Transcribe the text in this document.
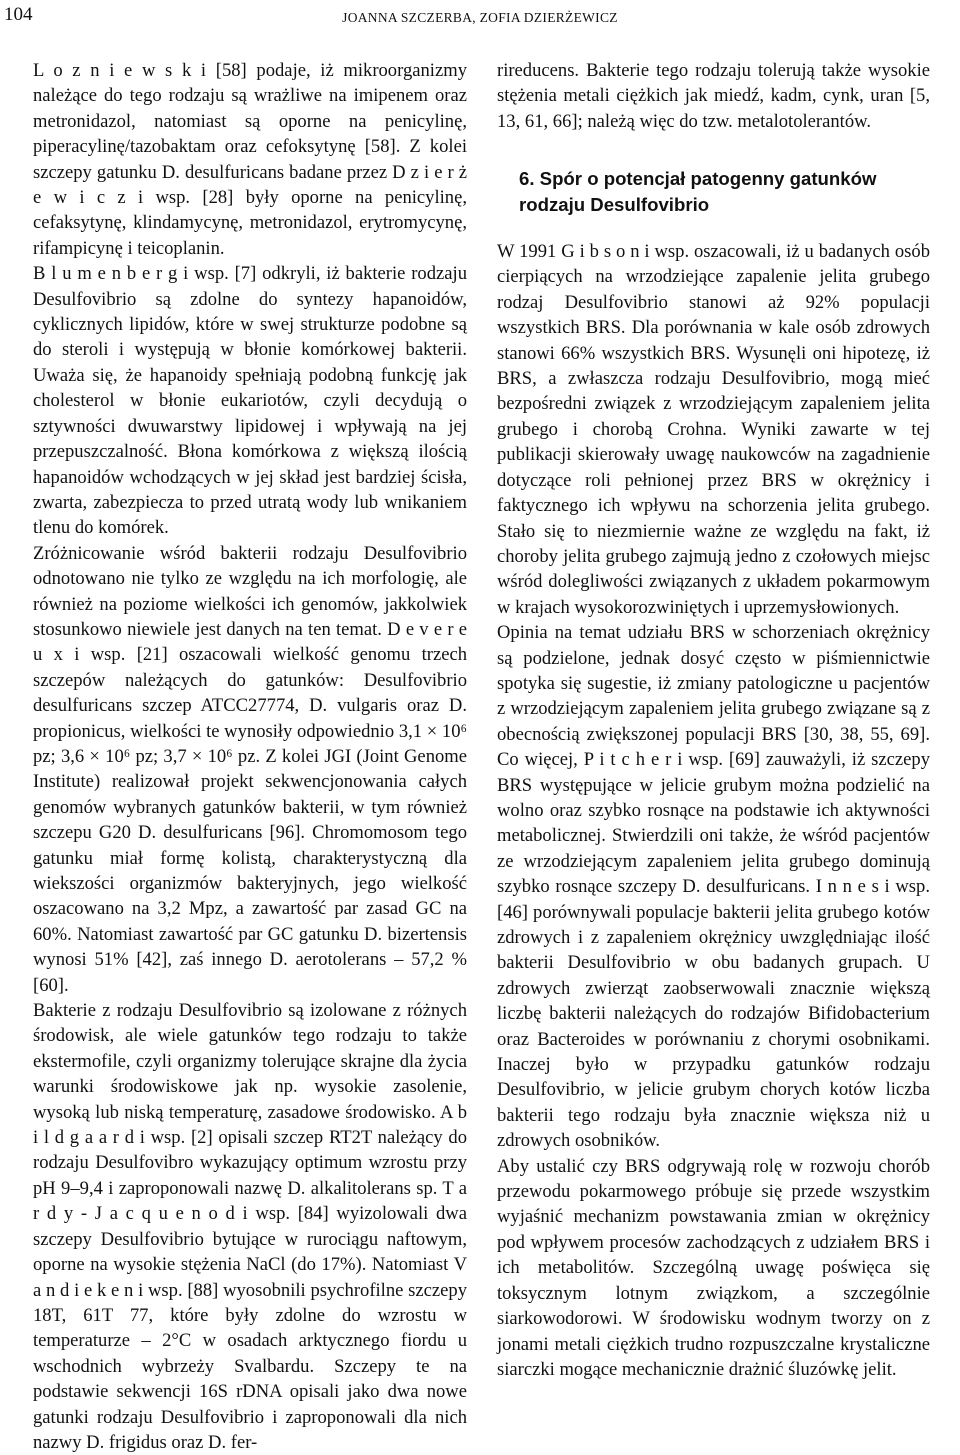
104	JOANNA SZCZERBA, ZOFIA DZIERŻEWICZ

L o z n i e w s k i [58] podaje, iż mikroorganizmy należące do tego rodzaju są wrażliwe na imipenem oraz metronidazol, natomiast są oporne na penicylinę, piperacylinę/tazobaktam oraz cefoksytynę [58]. Z kolei szczepy gatunku D. desulfuricans badane przez D z i e r ż e w i c z i wsp. [28] były oporne na penicylinę, cefaksytynę, klindamycynę, metronidazol, erytromycynę, rifampicynę i teicoplanin.

B l u m e n b e r g i wsp. [7] odkryli, iż bakterie rodzaju Desulfovibrio są zdolne do syntezy hapanoidów, cyklicznych lipidów, które w swej strukturze podobne są do steroli i występują w błonie komórkowej bakterii. Uważa się, że hapanoidy spełniają podobną funkcję jak cholesterol w błonie eukariotów, czyli decydują o sztywności dwuwarstwy lipidowej i wpływają na jej przepuszczalność. Błona komórkowa z większą ilością hapanoidów wchodzących w jej skład jest bardziej ścisła, zwarta, zabezpiecza to przed utratą wody lub wnikaniem tlenu do komórek.

Zróżnicowanie wśród bakterii rodzaju Desulfovibrio odnotowano nie tylko ze względu na ich morfologię, ale również na poziome wielkości ich genomów, jakkolwiek stosunkowo niewiele jest danych na ten temat. D e v e r e u x i wsp. [21] oszacowali wielkość genomu trzech szczepów należących do gatunków: Desulfovibrio desulfuricans szczep ATCC27774, D. vulgaris oraz D. propionicus, wielkości te wynosiły odpowiednio 3,1 × 10⁶ pz; 3,6 × 10⁶ pz; 3,7 × 10⁶ pz. Z kolei JGI (Joint Genome Institute) realizował projekt sekwencjonowania całych genomów wybranych gatunków bakterii, w tym również szczepu G20 D. desulfuricans [96]. Chromomosom tego gatunku miał formę kolistą, charakterystyczną dla wiekszości organizmów bakteryjnych, jego wielkość oszacowano na 3,2 Mpz, a zawartość par zasad GC na 60%. Natomiast zawartość par GC gatunku D. bizertensis wynosi 51% [42], zaś innego D. aerotolerans – 57,2 % [60].

Bakterie z rodzaju Desulfovibrio są izolowane z różnych środowisk, ale wiele gatunków tego rodzaju to także ekstermofile, czyli organizmy tolerujące skrajne dla życia warunki środowiskowe jak np. wysokie zasolenie, wysoką lub niską temperaturę, zasadowe środowisko. A b i l d g a a r d i wsp. [2] opisali szczep RT2T należący do rodzaju Desulfovibro wykazujący optimum wzrostu przy pH 9–9,4 i zaproponowali nazwę D. alkalitolerans sp. T a r d y - J a c q u e n o d i wsp. [84] wyizolowali dwa szczepy Desulfovibrio bytujące w rurociągu naftowym, oporne na wysokie stężenia NaCl (do 17%). Natomiast V a n d i e k e n i wsp. [88] wyosobnili psychrofilne szczepy 18T, 61T 77, które były zdolne do wzrostu w temperaturze – 2°C w osadach arktycznego fiordu u wschodnich wybrzeży Svalbardu. Szczepy te na podstawie sekwencji 16S rDNA opisali jako dwa nowe gatunki rodzaju Desulfovibrio i zaproponowali dla nich nazwy D. frigidus oraz D. fer-

rireducens. Bakterie tego rodzaju tolerują także wysokie stężenia metali ciężkich jak miedź, kadm, cynk, uran [5, 13, 61, 66]; należą więc do tzw. metalotolerantów.

6. Spór o potencjał patogenny gatunków rodzaju Desulfovibrio

W 1991 G i b s o n i wsp. oszacowali, iż u badanych osób cierpiących na wrzodziejące zapalenie jelita grubego rodzaj Desulfovibrio stanowi aż 92% populacji wszystkich BRS. Dla porównania w kale osób zdrowych stanowi 66% wszystkich BRS. Wysunęli oni hipotezę, iż BRS, a zwłaszcza rodzaju Desulfovibrio, mogą mieć bezpośredni związek z wrzodziejącym zapaleniem jelita grubego i chorobą Crohna. Wyniki zawarte w tej publikacji skierowały uwagę naukowców na zagadnienie dotyczące roli pełnionej przez BRS w okrężnicy i faktycznego ich wpływu na schorzenia jelita grubego. Stało się to niezmiernie ważne ze względu na fakt, iż choroby jelita grubego zajmują jedno z czołowych miejsc wśród dolegliwości związanych z układem pokarmowym w krajach wysokorozwiniętych i uprzemysłowionych.

Opinia na temat udziału BRS w schorzeniach okrężnicy są podzielone, jednak dosyć często w piśmiennictwie spotyka się sugestie, iż zmiany patologiczne u pacjentów z wrzodziejącym zapaleniem jelita grubego związane są z obecnością zwiększonej populacji BRS [30, 38, 55, 69]. Co więcej, P i t c h e r i wsp. [69] zauważyli, iż szczepy BRS występujące w jelicie grubym można podzielić na wolno oraz szybko rosnące na podstawie ich aktywności metabolicznej. Stwierdzili oni także, że wśród pacjentów ze wrzodziejącym zapaleniem jelita grubego dominują szybko rosnące szczepy D. desulfuricans. I n n e s i wsp. [46] porównywali populacje bakterii jelita grubego kotów zdrowych i z zapaleniem okrężnicy uwzględniając ilość bakterii Desulfovibrio w obu badanych grupach. U zdrowych zwierząt zaobserwowali znacznie większą liczbę bakterii należących do rodzajów Bifidobacterium oraz Bacteroides w porównaniu z chorymi osobnikami. Inaczej było w przypadku gatunków rodzaju Desulfovibrio, w jelicie grubym chorych kotów liczba bakterii tego rodzaju była znacznie większa niż u zdrowych osobników.

Aby ustalić czy BRS odgrywają rolę w rozwoju chorób przewodu pokarmowego próbuje się przede wszystkim wyjaśnić mechanizm powstawania zmian w okrężnicy pod wpływem procesów zachodzących z udziałem BRS i ich metabolitów. Szczególną uwagę poświęca się toksycznym lotnym związkom, a szczególnie siarkowodorowi. W środowisku wodnym tworzy on z jonami metali ciężkich trudno rozpuszczalne krystaliczne siarczki mogące mechanicznie drażnić śluzówkę jelit.
